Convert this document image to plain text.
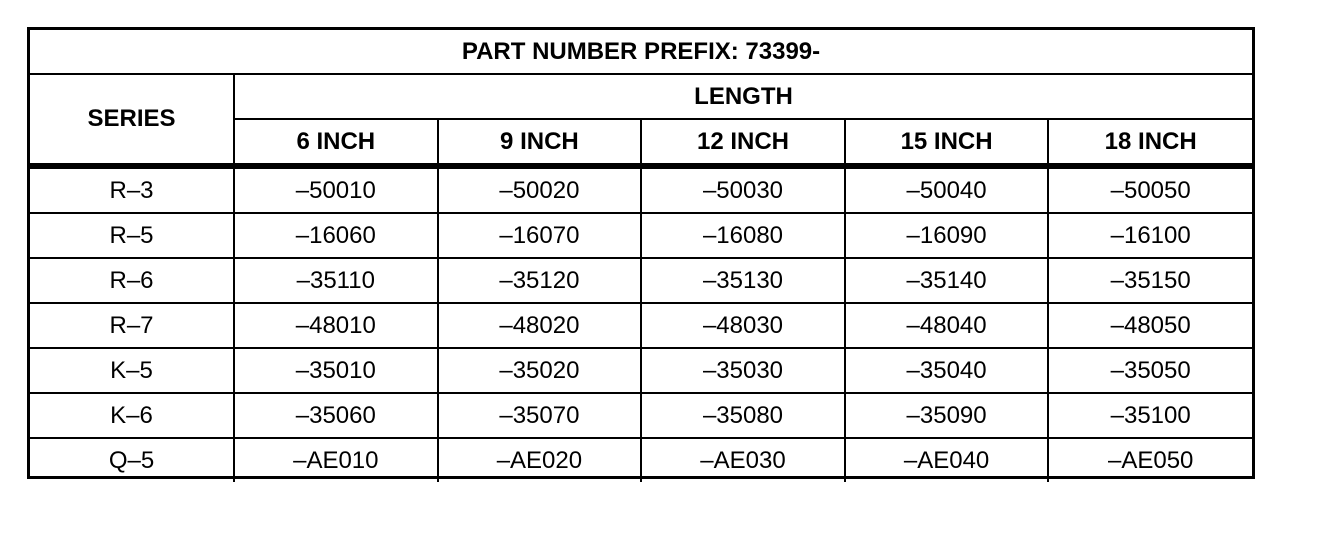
PART NUMBER PREFIX: 73399-					
SERIES	LENGTH				
	6 INCH	9 INCH	12 INCH	15 INCH	18 INCH
R–3	–50010	–50020	–50030	–50040	–50050
R–5	–16060	–16070	–16080	–16090	–16100
R–6	–35110	–35120	–35130	–35140	–35150
R–7	–48010	–48020	–48030	–48040	–48050
K–5	–35010	–35020	–35030	–35040	–35050
K–6	–35060	–35070	–35080	–35090	–35100
Q–5	–AE010	–AE020	–AE030	–AE040	–AE050
